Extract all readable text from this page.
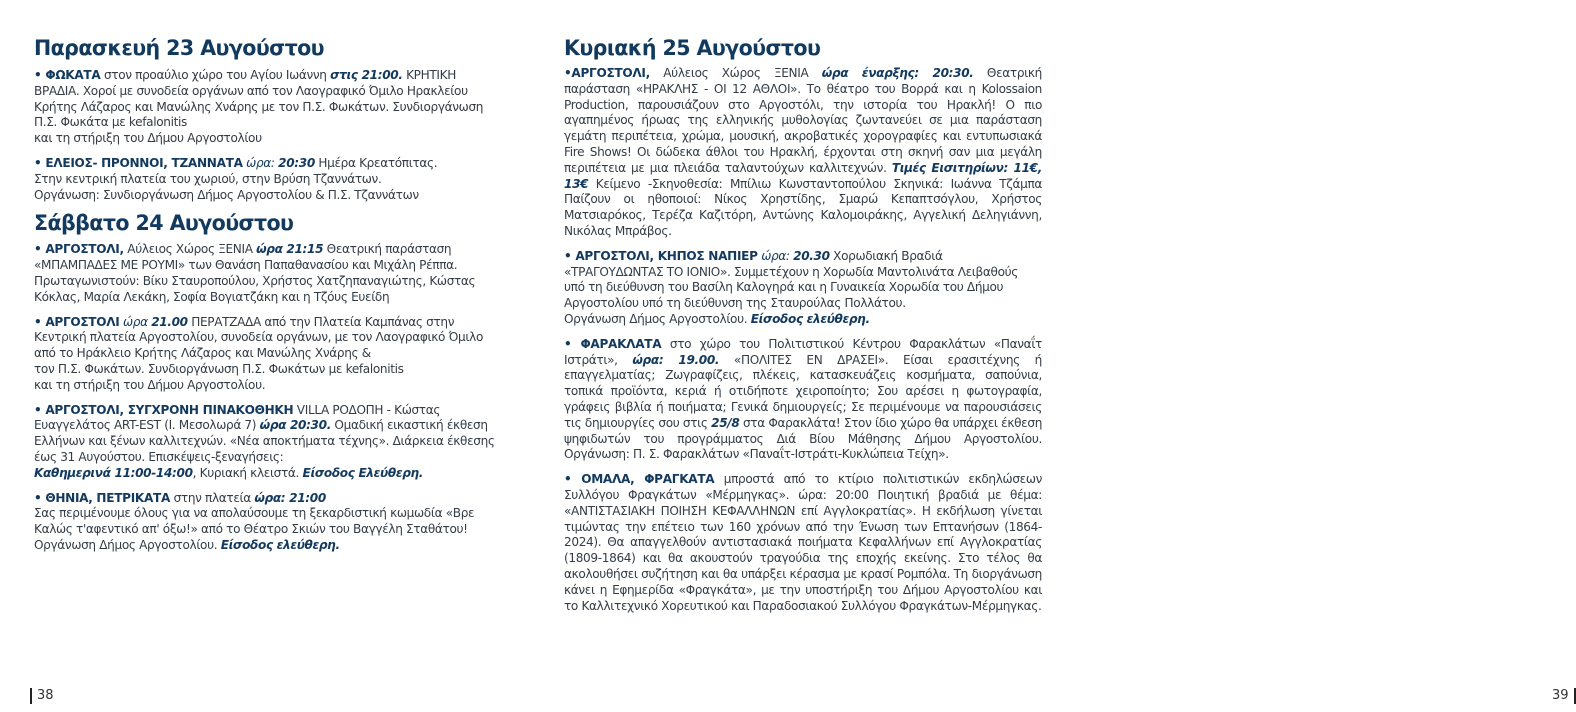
Παρασκευή 23 Αυγούστου

• ΦΩΚΑΤΑ στον προαύλιο χώρο του Αγίου Ιωάννη στις 21:00. ΚΡΗΤΙΚΗ ΒΡΑΔΙΑ. Χοροί με συνοδεία οργάνων από τον Λαογραφικό Όμιλο Ηρακλείου Κρήτης Λάζαρος και Μανώλης Χνάρης με τον Π.Σ. Φωκάτων. Συνδιοργάνωση Π.Σ. Φωκάτα με kefalonitis
και τη στήριξη του Δήμου Αργοστολίου

• ΕΛΕΙΟΣ- ΠΡΟΝΝΟΙ, ΤΖΑΝΝΑΤΑ ώρα: 20:30 Ημέρα Κρεατόπιτας.
Στην κεντρική πλατεία του χωριού, στην Βρύση Τζαννάτων.
Οργάνωση: Συνδιοργάνωση Δήμος Αργοστολίου & Π.Σ. Τζαννάτων

Σάββατο 24 Αυγούστου

• ΑΡΓΟΣΤΟΛΙ, Αύλειος Χώρος ΞΕΝΙΑ ώρα 21:15 Θεατρική παράσταση «ΜΠΑΜΠΑΔΕΣ ΜΕ ΡΟΥΜΙ» των Θανάση Παπαθανασίου και Μιχάλη Ρέππα. Πρωταγωνιστούν: Βίκυ Σταυροπούλου, Χρήστος Χατζηπαναγιώτης, Κώστας Κόκλας, Μαρία Λεκάκη, Σοφία Βογιατζάκη και η Τζόυς Ευείδη

• ΑΡΓΟΣΤΟΛΙ ώρα 21.00 ΠΕΡΑΤΖΑΔΑ από την Πλατεία Καμπάνας στην Κεντρική πλατεία Αργοστολίου, συνοδεία οργάνων, με τον Λαογραφικό Όμιλο από το Ηράκλειο Κρήτης Λάζαρος και Μανώλης Χνάρης &
τον Π.Σ. Φωκάτων. Συνδιοργάνωση Π.Σ. Φωκάτων με kefalonitis
και τη στήριξη του Δήμου Αργοστολίου.

• ΑΡΓΟΣΤΟΛΙ, ΣΥΓΧΡΟΝΗ ΠΙΝΑΚΟΘΗΚΗ VILLA ΡΟΔΟΠΗ - Κώστας Ευαγγελάτος ART-EST (Ι. Μεσολωρά 7) ώρα 20:30. Ομαδική εικαστική έκθεση Ελλήνων και ξένων καλλιτεχνών. «Νέα αποκτήματα τέχνης». Διάρκεια έκθεσης έως 31 Αυγούστου. Επισκέψεις-ξεναγήσεις:
Καθημερινά 11:00-14:00, Κυριακή κλειστά. Είσοδος Ελεύθερη.

• ΘΗΝΙΑ, ΠΕΤΡΙΚΑΤΑ στην πλατεία ώρα: 21:00
Σας περιμένουμε όλους για να απολαύσουμε τη ξεκαρδιστική κωμωδία «Βρε Καλώς τ'αφεντικό απ' όξω!» από το Θέατρο Σκιών του Βαγγέλη Σταθάτου! Οργάνωση Δήμος Αργοστολίου. Είσοδος ελεύθερη.

38
Κυριακή 25 Αυγούστου

•ΑΡΓΟΣΤΟΛΙ, Αύλειος Χώρος ΞΕΝΙΑ ώρα έναρξης: 20:30. Θεατρική παράσταση «ΗΡΑΚΛΗΣ - ΟΙ 12 ΑΘΛΟΙ». Το θέατρο του Βορρά και η Kolossaion Production, παρουσιάζουν στο Αργοστόλι, την ιστορία του Ηρακλή! Ο πιο αγαπημένος ήρωας της ελληνικής μυθολογίας ζωντανεύει σε μια παράσταση γεμάτη περιπέτεια, χρώμα, μουσική, ακροβατικές χορογραφίες και εντυπωσιακά Fire Shows! Οι δώδεκα άθλοι του Ηρακλή, έρχονται στη σκηνή σαν μια μεγάλη περιπέτεια με μια πλειάδα ταλαντούχων καλλιτεχνών. Τιμές Εισιτηρίων: 11€, 13€ Κείμενο -Σκηνοθεσία: Μπίλιω Κωνσταντοπούλου Σκηνικά: Ιωάννα Τζάμπα Παίζουν οι ηθοποιοί: Νίκος Χρηστίδης, Σμαρώ Κεπαπτσόγλου, Χρήστος Ματσιαρόκος, Τερέζα Καζιτόρη, Αντώνης Καλομοιράκης, Αγγελική Δεληγιάννη, Νικόλας Μπράβος.

• ΑΡΓΟΣΤΟΛΙ, ΚΗΠΟΣ ΝΑΠΙΕΡ ώρα: 20.30 Χορωδιακή Βραδιά «ΤΡΑΓΟΥΔΩΝΤΑΣ ΤΟ ΙΟΝΙΟ». Συμμετέχουν η Χορωδία Μαντολινάτα Λειβαθούς υπό τη διεύθυνση του Βασίλη Καλογηρά και η Γυναικεία Χορωδία του Δήμου Αργοστολίου υπό τη διεύθυνση της Σταυρούλας Πολλάτου.
Οργάνωση Δήμος Αργοστολίου. Είσοδος ελεύθερη.

• ΦΑΡΑΚΛΑΤΑ στο χώρο του Πολιτιστικού Κέντρου Φαρακλάτων «Παναΐτ Ιστράτι», ώρα: 19.00. «ΠΟΛΙΤΕΣ ΕΝ ΔΡΑΣΕΙ». Είσαι ερασιτέχνης ή επαγγελματίας; Ζωγραφίζεις, πλέκεις, κατασκευάζεις κοσμήματα, σαπούνια, τοπικά προϊόντα, κεριά ή οτιδήποτε χειροποίητο; Σου αρέσει η φωτογραφία, γράφεις βιβλία ή ποιήματα; Γενικά δημιουργείς; Σε περιμένουμε να παρουσιάσεις τις δημιουργίες σου στις 25/8 στα Φαρακλάτα! Στον ίδιο χώρο θα υπάρχει έκθεση ψηφιδωτών του προγράμματος Διά Βίου Μάθησης Δήμου Αργοστολίου. Οργάνωση: Π. Σ. Φαρακλάτων «Παναΐτ-Ιστράτι-Κυκλώπεια Τείχη».

• ΟΜΑΛΑ, ΦΡΑΓΚΑΤΑ μπροστά από το κτίριο πολιτιστικών εκδηλώσεων Συλλόγου Φραγκάτων «Μέρμηγκας». ώρα: 20:00 Ποιητική βραδιά με θέμα: «ΑΝΤΙΣΤΑΣΙΑΚΗ ΠΟΙΗΣΗ ΚΕΦΑΛΛΗΝΩΝ επί Αγγλοκρατίας». Η εκδήλωση γίνεται τιμώντας την επέτειο των 160 χρόνων από την Ένωση των Επτανήσων (1864-2024). Θα απαγγελθούν αντιστασιακά ποιήματα Κεφαλλήνων επί Αγγλοκρατίας (1809-1864) και θα ακουστούν τραγούδια της εποχής εκείνης. Στο τέλος θα ακολουθήσει συζήτηση και θα υπάρξει κέρασμα με κρασί Ρομπόλα. Τη διοργάνωση κάνει η Εφημερίδα «Φραγκάτα», με την υποστήριξη του Δήμου Αργοστολίου και το Καλλιτεχνικό Χορευτικού και Παραδοσιακού Συλλόγου Φραγκάτων-Μέρμηγκας.

39
